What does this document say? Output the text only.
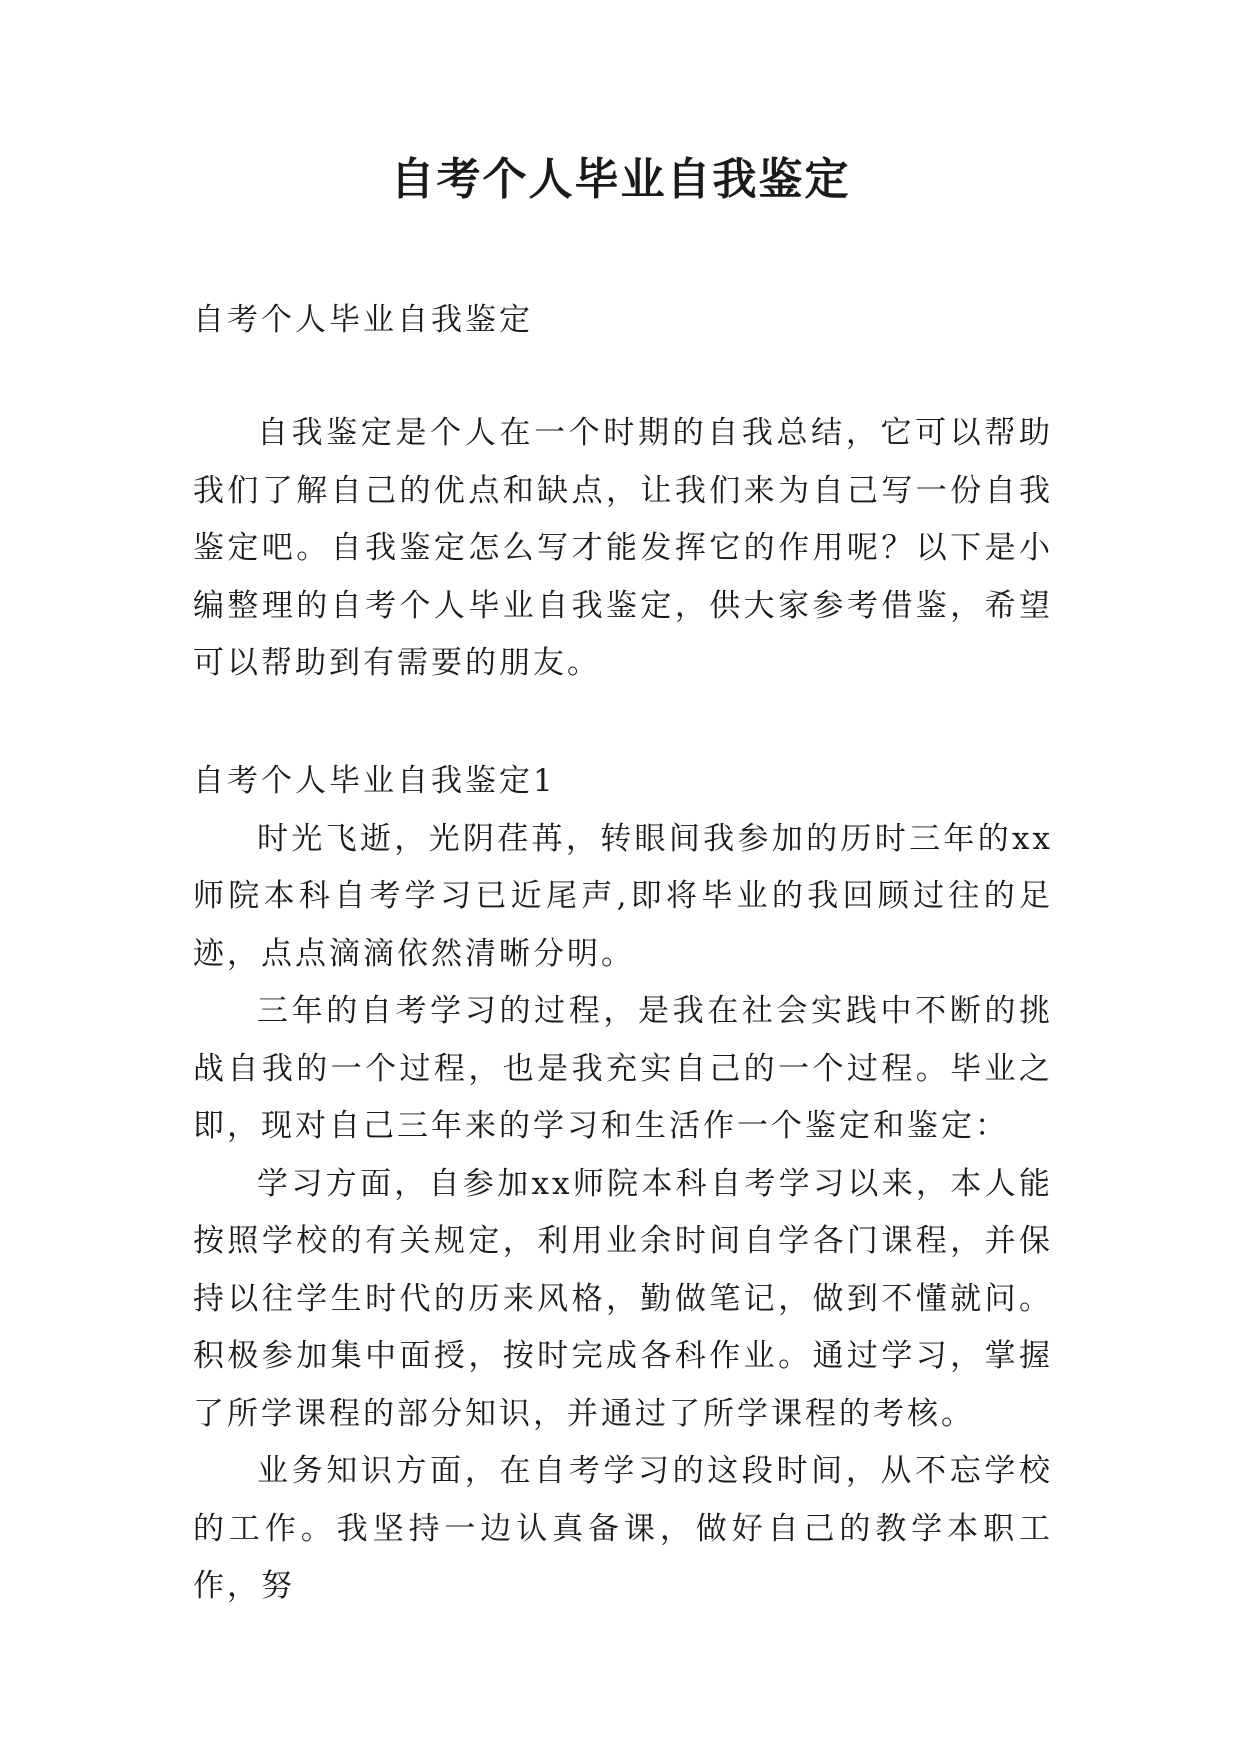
自考个人毕业自我鉴定

自考个人毕业自我鉴定

自我鉴定是个人在一个时期的自我总结，它可以帮助我们了解自己的优点和缺点，让我们来为自己写一份自我鉴定吧。自我鉴定怎么写才能发挥它的作用呢？以下是小编整理的自考个人毕业自我鉴定，供大家参考借鉴，希望可以帮助到有需要的朋友。

自考个人毕业自我鉴定1

时光飞逝，光阴荏苒，转眼间我参加的历时三年的xx师院本科自考学习已近尾声,即将毕业的我回顾过往的足迹，点点滴滴依然清晰分明。

三年的自考学习的过程，是我在社会实践中不断的挑战自我的一个过程，也是我充实自己的一个过程。毕业之即，现对自己三年来的学习和生活作一个鉴定和鉴定：

学习方面，自参加xx师院本科自考学习以来，本人能按照学校的有关规定，利用业余时间自学各门课程，并保持以往学生时代的历来风格，勤做笔记，做到不懂就问。积极参加集中面授，按时完成各科作业。通过学习，掌握了所学课程的部分知识，并通过了所学课程的考核。

业务知识方面，在自考学习的这段时间，从不忘学校的工作。我坚持一边认真备课，做好自己的教学本职工作，努
